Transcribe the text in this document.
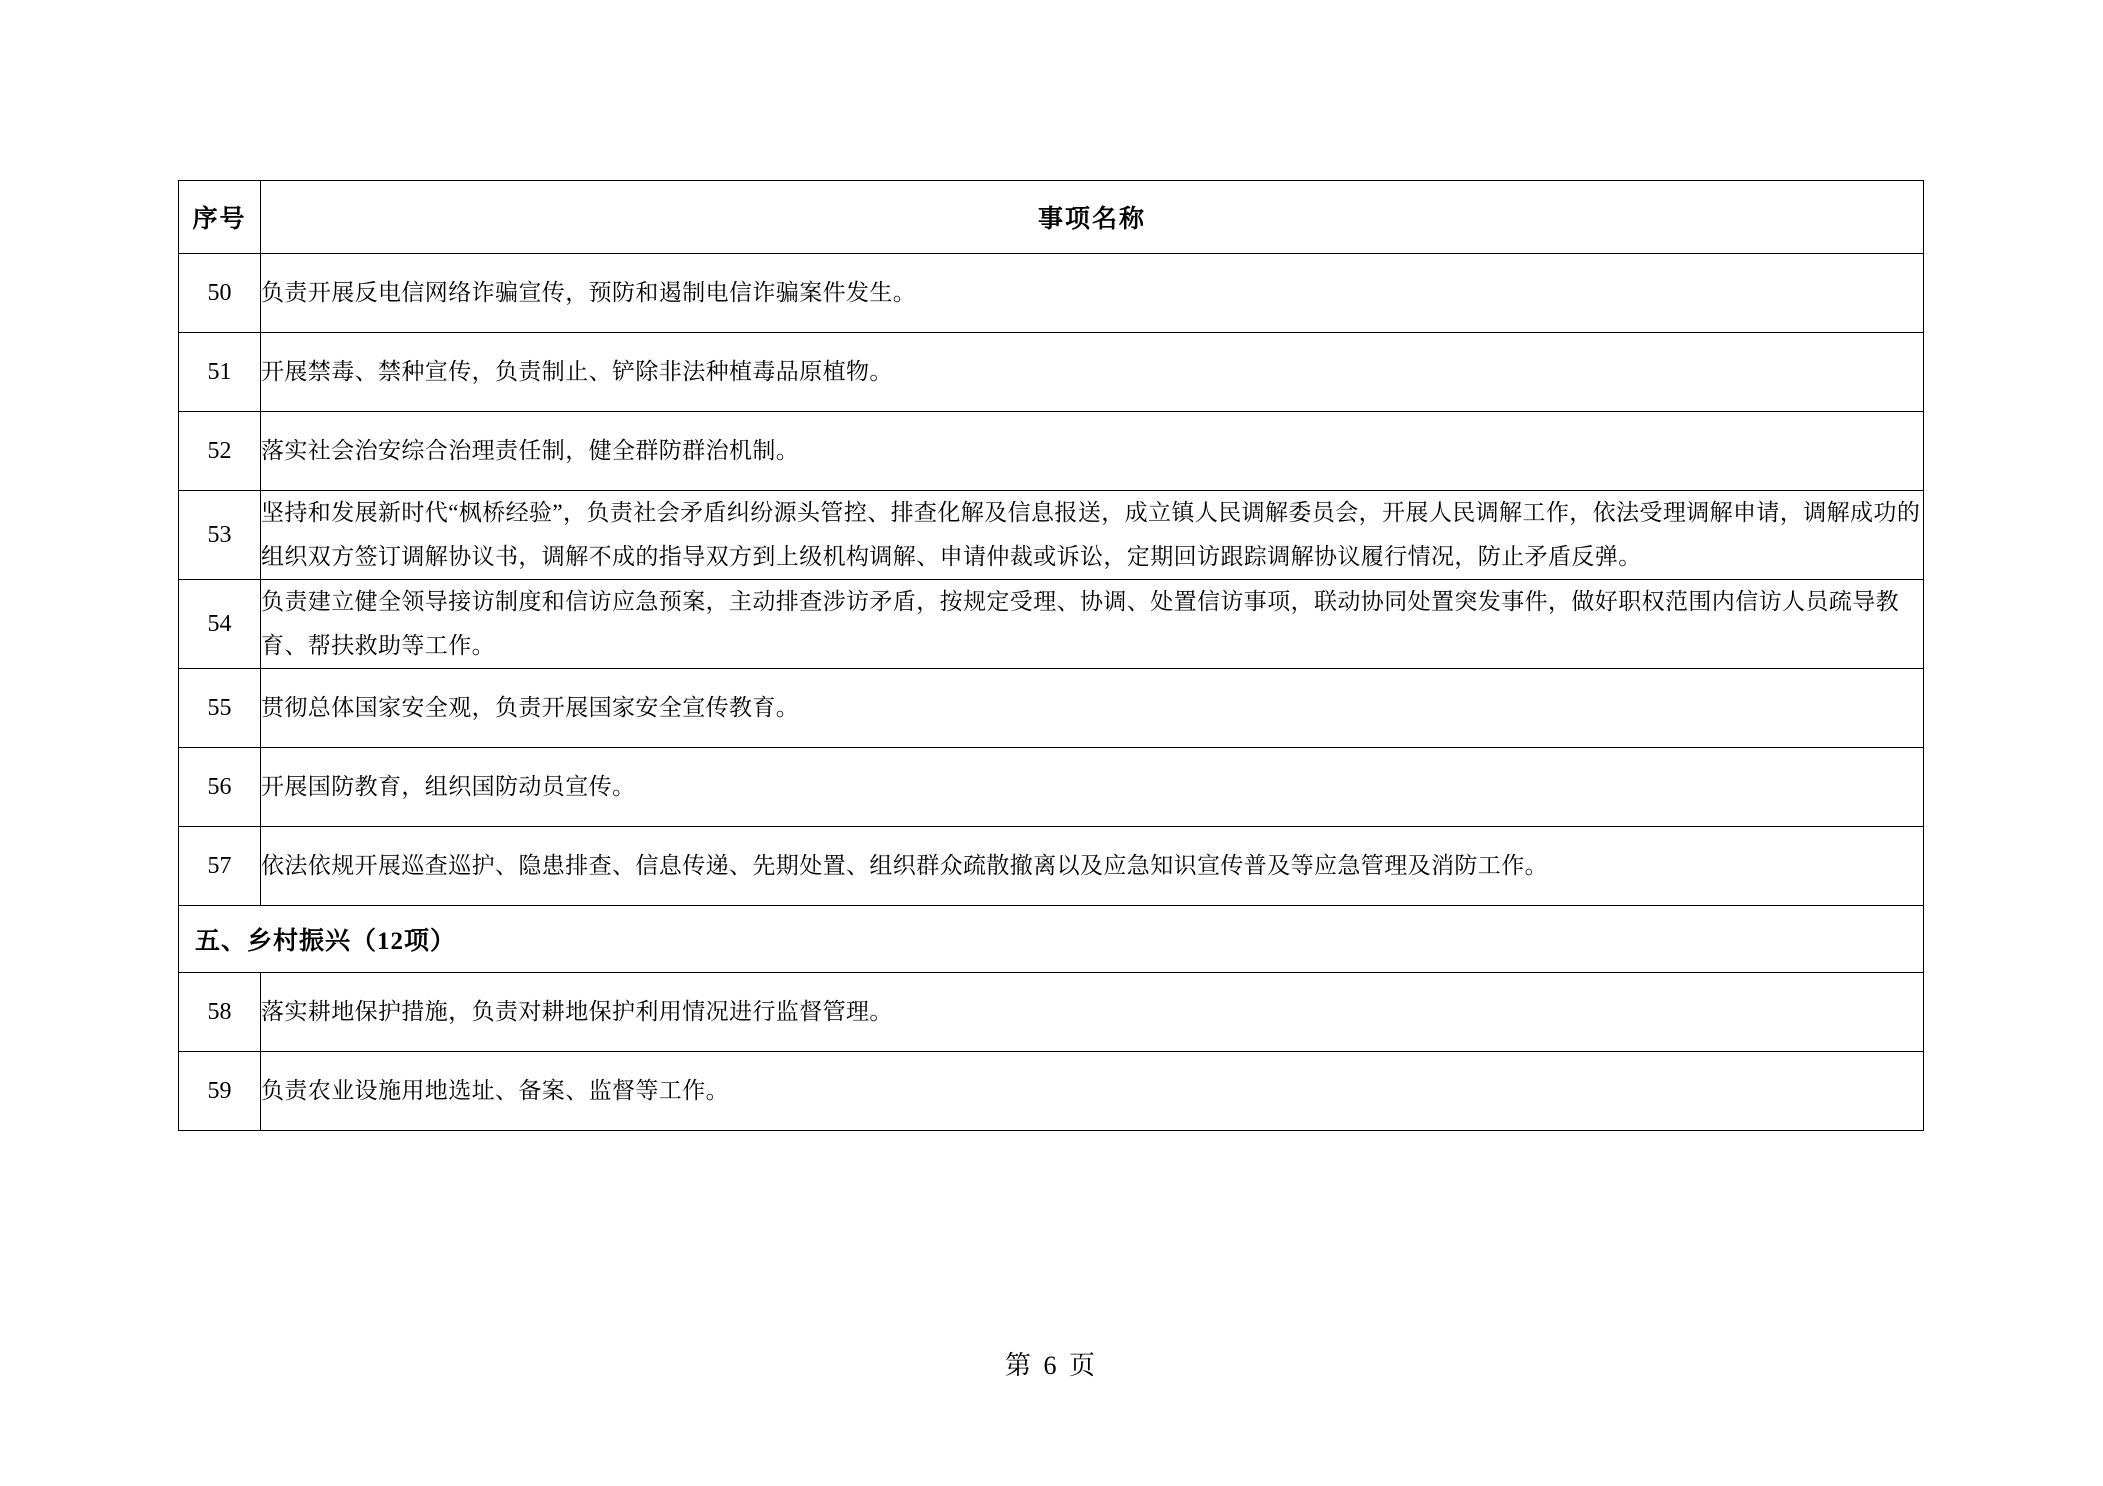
序号	事项名称
50	负责开展反电信网络诈骗宣传，预防和遏制电信诈骗案件发生。
51	开展禁毒、禁种宣传，负责制止、铲除非法种植毒品原植物。
52	落实社会治安综合治理责任制，健全群防群治机制。
53	坚持和发展新时代“枫桥经验”，负责社会矛盾纠纷源头管控、排查化解及信息报送，成立镇人民调解委员会，开展人民调解工作，依法受理调解申请，调解成功的组织双方签订调解协议书，调解不成的指导双方到上级机构调解、申请仲裁或诉讼，定期回访跟踪调解协议履行情况，防止矛盾反弹。
54	负责建立健全领导接访制度和信访应急预案，主动排查涉访矛盾，按规定受理、协调、处置信访事项，联动协同处置突发事件，做好职权范围内信访人员疏导教育、帮扶救助等工作。
55	贯彻总体国家安全观，负责开展国家安全宣传教育。
56	开展国防教育，组织国防动员宣传。
57	依法依规开展巡查巡护、隐患排查、信息传递、先期处置、组织群众疏散撤离以及应急知识宣传普及等应急管理及消防工作。
五、乡村振兴（12项）	
58	落实耕地保护措施，负责对耕地保护利用情况进行监督管理。
59	负责农业设施用地选址、备案、监督等工作。
第 6 页
